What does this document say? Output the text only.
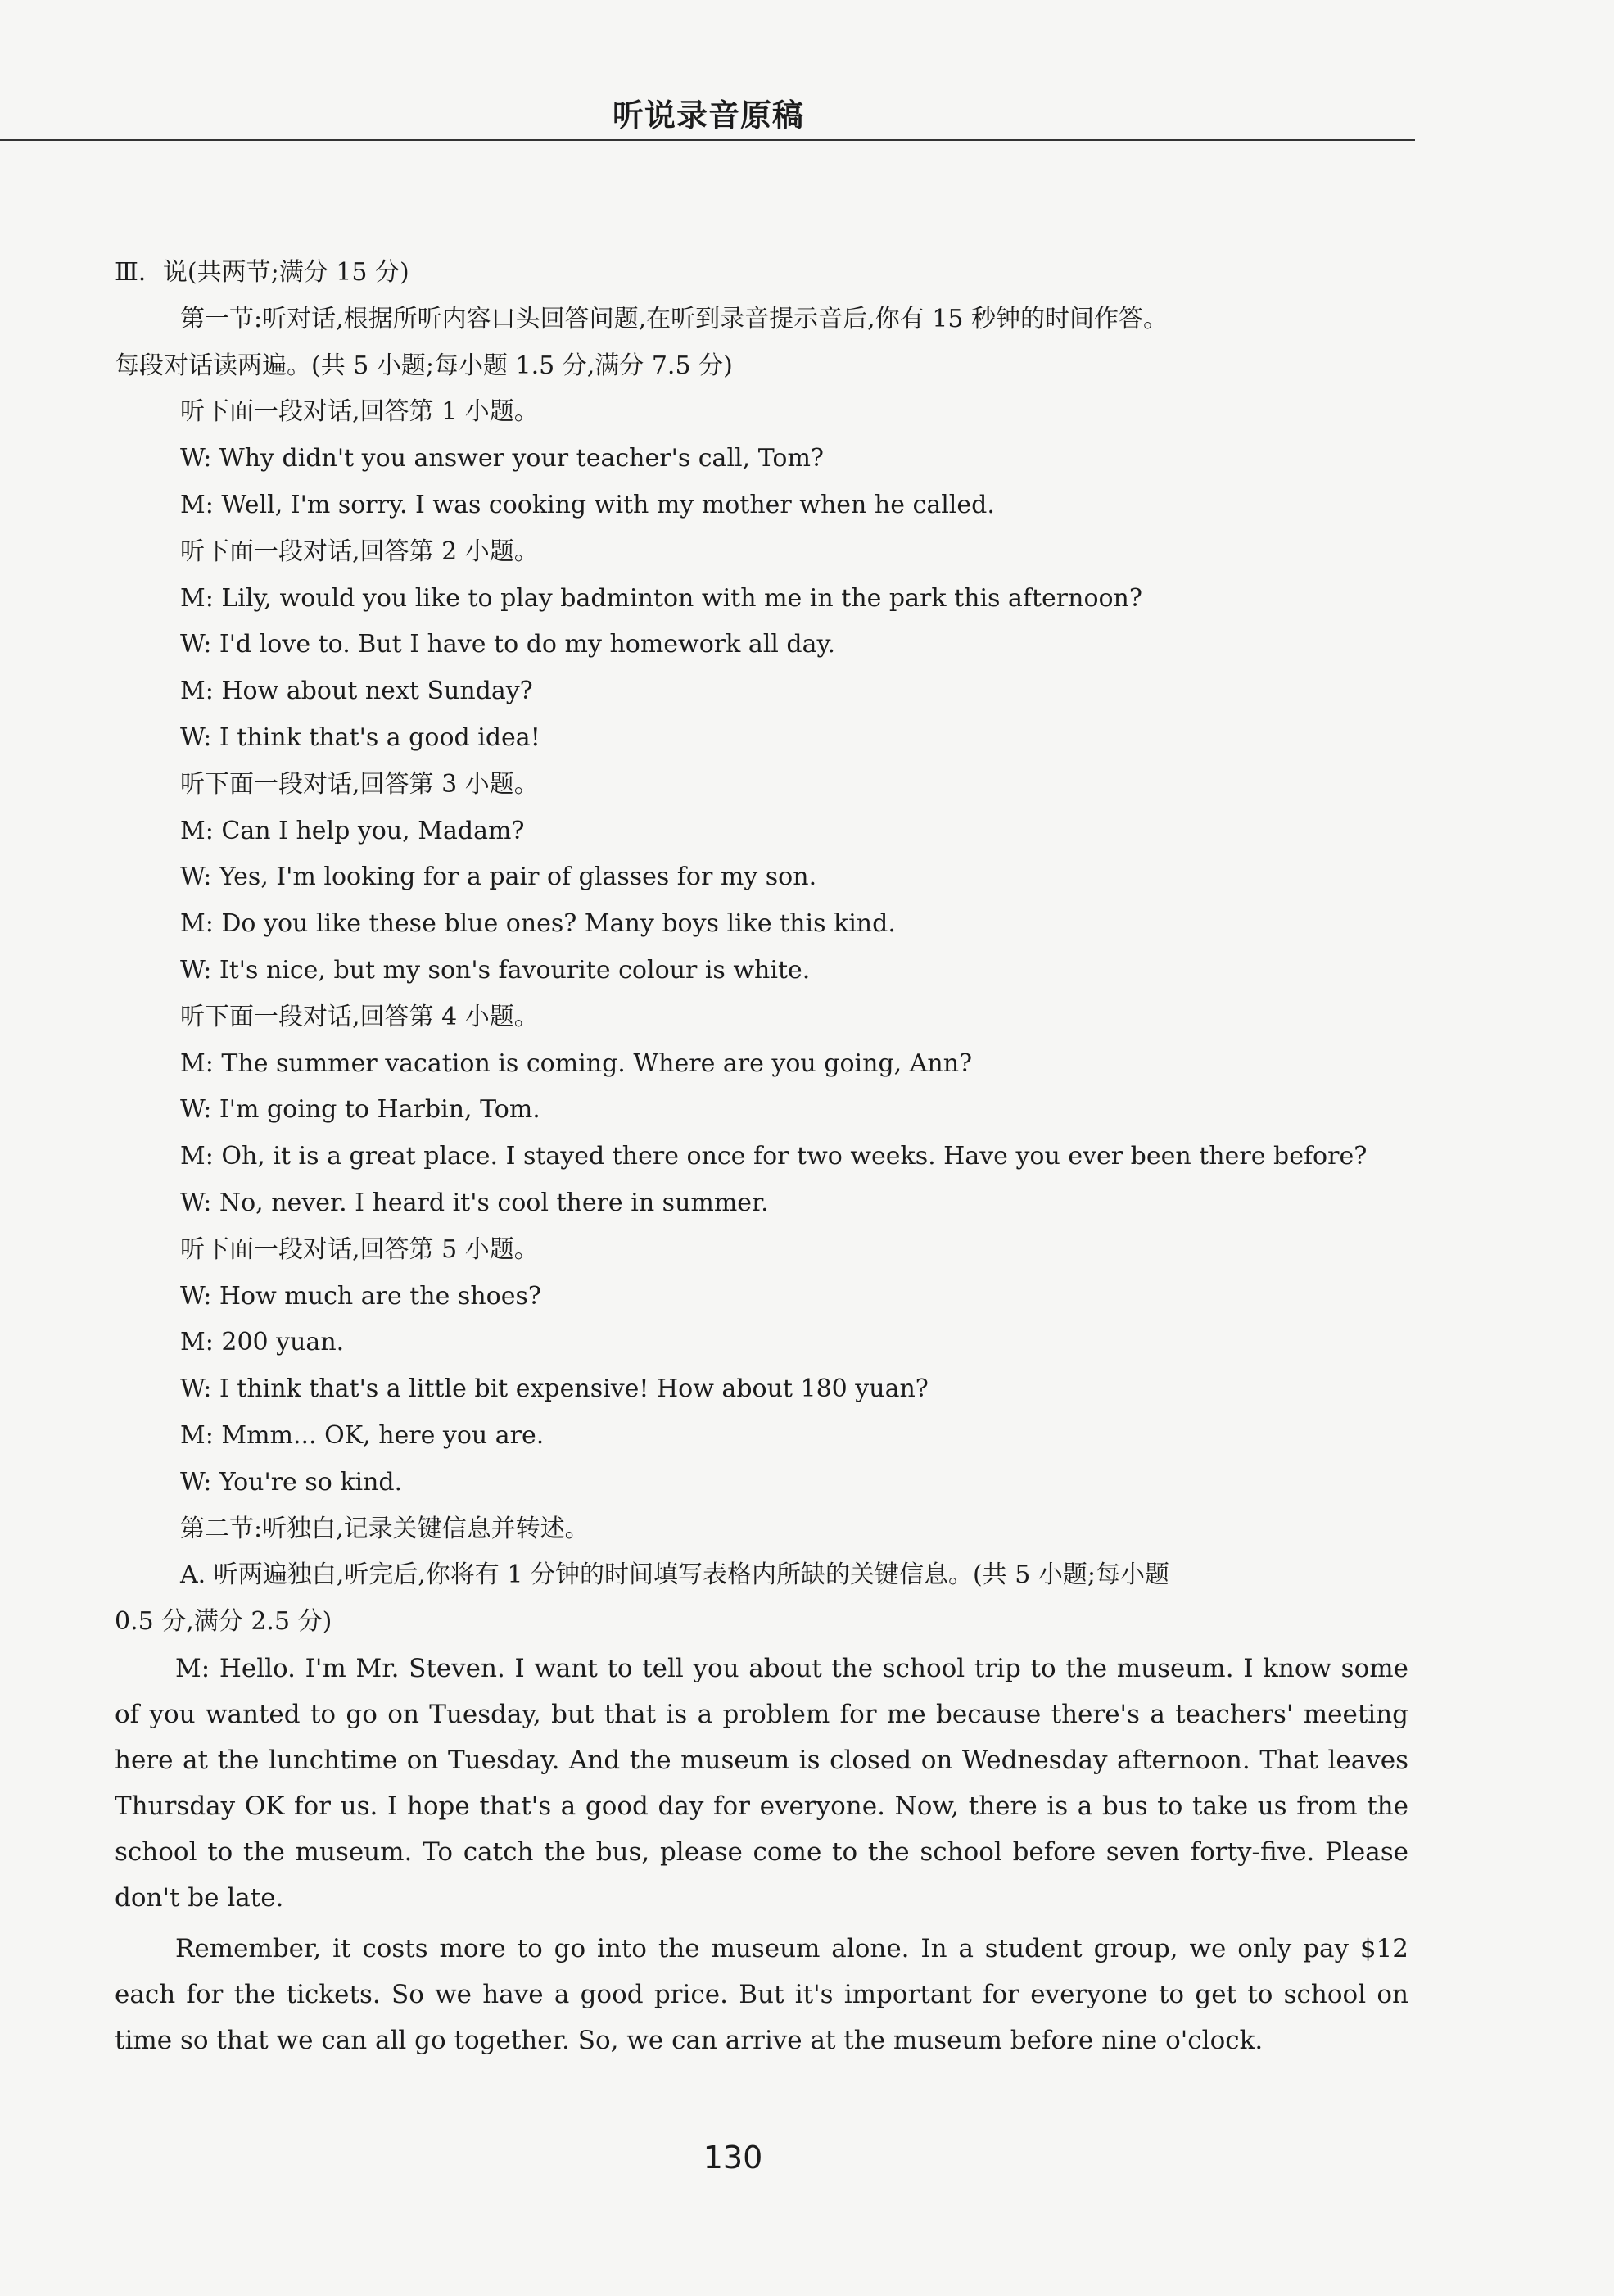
听说录音原稿
Ⅲ．说(共两节;满分 15 分)
第一节:听对话,根据所听内容口头回答问题,在听到录音提示音后,你有 15 秒钟的时间作答。
每段对话读两遍。(共 5 小题;每小题 1.5 分,满分 7.5 分)
听下面一段对话,回答第 1 小题。
W: Why didn't you answer your teacher's call, Tom?
M: Well, I'm sorry. I was cooking with my mother when he called.
听下面一段对话,回答第 2 小题。
M: Lily, would you like to play badminton with me in the park this afternoon?
W: I'd love to. But I have to do my homework all day.
M: How about next Sunday?
W: I think that's a good idea!
听下面一段对话,回答第 3 小题。
M: Can I help you, Madam?
W: Yes, I'm looking for a pair of glasses for my son.
M: Do you like these blue ones? Many boys like this kind.
W: It's nice, but my son's favourite colour is white.
听下面一段对话,回答第 4 小题。
M: The summer vacation is coming. Where are you going, Ann?
W: I'm going to Harbin, Tom.
M: Oh, it is a great place. I stayed there once for two weeks. Have you ever been there before?
W: No, never. I heard it's cool there in summer.
听下面一段对话,回答第 5 小题。
W: How much are the shoes?
M: 200 yuan.
W: I think that's a little bit expensive! How about 180 yuan?
M: Mmm... OK, here you are.
W: You're so kind.
第二节:听独白,记录关键信息并转述。
A. 听两遍独白,听完后,你将有 1 分钟的时间填写表格内所缺的关键信息。(共 5 小题;每小题
0.5 分,满分 2.5 分)

M: Hello. I'm Mr. Steven. I want to tell you about the school trip to the museum. I know some of you wanted to go on Tuesday, but that is a problem for me because there's a teachers' meeting here at the lunchtime on Tuesday. And the museum is closed on Wednesday afternoon. That leaves Thursday OK for us. I hope that's a good day for everyone. Now, there is a bus to take us from the school to the museum. To catch the bus, please come to the school before seven forty-five. Please don't be late.

Remember, it costs more to go into the museum alone. In a student group, we only pay $12 each for the tickets. So we have a good price. But it's important for everyone to get to school on time so that we can all go together. So, we can arrive at the museum before nine o'clock.

130
